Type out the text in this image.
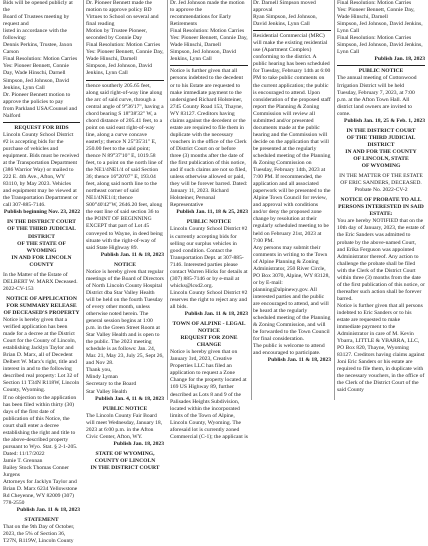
Bids will be opened publicly at the

Board of Trustees meeting by request and

listed in accordance with the following:

Dennis Perkins, Trustee, Jaxon Carson

Final Resolution: Motion Carries

Yes: Pioneer Bennett, Connie Day, Wade Hinschi, Darnell

Simpson, Jed Johnson, David Jenkins, Lynn Call

Dr. Pioneer Bennett motion to approve the policies to pay

from Parkland USA/Counsel and Nalford

REQUEST FOR BIDS

Lincoln County School District #2 is accepting bids for the purchase of vehicles and equipment. Bids must be received at the Transportation Department (386 Warrior Way) or mailed to 222 E. 4th Ave., Afton, WY 83110, by May 2023. Vehicles and equipment may be viewed at the Transportation Department or call 307-885-7146.

Publish beginning Nov. 23, 2022

IN THE DISTRICT COURT

OF THE THIRD JUDICIAL

DISTRICT

OF THE STATE OF WYOMING

IN AND FOR LINCOLN

COUNTY

In the Matter of the Estate of DELBERT W. MARX Deceased. 2022-CV-153

NOTICE OF APPLICATION FOR SUMMARY RELEASE OF DECEASED'S PROPERTY

Notice is hereby given that a verified application has been made for a decree at the District Court for the County of Lincoln, establishing Jacklyn Taylor and Brian D. Marx, all of Decedent Delbert W. Marx's right, title and interest in and to the following described real property: Lot 32 of Section 11 T34N R118W, Lincoln County, Wyoming.

If no objection to the application has been filed within thirty (30) days of the first date of publication of this Notice, the court shall enter a decree establishing the right and title to the above-described property pursuant to Wyo. Stat. § 2-1-205.

Dated: 11/17/2022

Jamie T. Grennan

Bailey Stock Thomas Conner Jurgens

Attorneys for Jacklyn Taylor and Brian D. Marx 6234 Yellowstone Rd Cheyenne, WY 82009 (307) 778-2550

Publish Jan. 11 & 18, 2023

STATEMENT

That on the 9th Day of October, 2023, the 5% of Section 36, T27N, R119W, Lincoln County

Dr. Pioneer Bennett made the motion to approve policy BD

Virtues to School on several and final reading

Motion by Trustee Pioneer, seconded by Connie Day

Final Resolution: Motion Carries

Yes: Pioneer Bennett, Connie Day, Wade Hinschi, Darnell

Simpson, Jed Johnson, David Jenkins, Lynn Call

thence southerly 205.65 feet, along said right-of-way line along the arc of said curve, through a central angle of 9°36'17", having a chord bearing S 18°38'32" W, a chord distance of 205.41 feet, to a point on said east right-of-way line, along a curve concave easterly; thence N 25°35'31" E, 250.00 feet to the said point; thence N 89°37'10" E, 1019.58 feet, to a point on the north line of the NE1/4NE1/4 of said Section 36; thence 16°20'07" E, 193.04 feet, along said north line to the northeast corner of said NE1/4NE1/4; thence S00°40'42"W, 2646.20 feet, along the east line of said section 36 to the POINT OF BEGINNING EXCEPT that part of Lot 45 conveyed to Wayne, in deed being situate with the right-of-way of said State Highway 89.

Publish Jan. 11 & 18, 2023

NOTICE

Notice is hereby given that regular meetings of the Board of Directors of North Lincoln County Hospital District dba Star Valley Health will be held on the fourth Tuesday of every other month, unless otherwise noted herein. The general session begins at 1:00 p.m. in the Green Street Room at Star Valley Health and is open to the public. The 2023 meeting schedule is as follows: Jan. 24, Mar. 21, May 23, July 25, Sept 26, and Nov 28.

Thank you,

Mindy Lyman

Secretary to the Board

Star Valley Health

Publish Jan. 4, 11 & 18, 2023

PUBLIC NOTICE

The Lincoln County Fair Board will meet Wednesday, January 18, 2023 at 6:00 p.m. in the Afton Civic Center, Afton, WY.

Publish Jan. 18, 2023

STATE OF WYOMING,

COUNTY OF LINCOLN

IN THE DISTRICT COURT

Dr. Jed Johnson made the motion to approve the

recommendations for Early Retirements

Final Resolution: Motion Carries

Yes: Pioneer Bennett, Connie Day, Wade Hinschi, Darnell

Simpson, Jed Johnson, David Jenkins, Lynn Call

Notice is further given that all persons indebted to the decedent or to his Estate are requested to make immediate payment to the undersigned Richard Holsteiner, 2745 County Road 153, Thayne, WY 83127. Creditors having claims against the decedent or the estate are required to file them in duplicate with the necessary vouchers in the office of the Clerk of District Court on or before three (3) months after the date of the first publication of this notice, and if such claims are not so filed, unless otherwise allowed or paid, they will be forever barred. Dated: January 11, 2023. Richard Holsteiner, Personal Representative

Publish Jan. 11, 18 & 25, 2023

PUBLIC NOTICE

Lincoln County School District #2 is currently accepting bids for selling our surplus vehicles in good condition. Contact the Transportation Dept. at 307-885-7146. Interested parties please contact Warren Hicks for details at (307) 885-7146 or by e-mail at whicks@lcsd2.org.

Lincoln County School District #2 reserves the right to reject any and all bids.

Publish Jan. 11 & 18, 2023

TOWN OF ALPINE - LEGAL

NOTICE

REQUEST FOR ZONE

CHANGE

Notice is hereby given that on January 3rd, 2023, Creative Properties LLC has filed an application to request a Zone Change for the property located at 169 US Highway 89, further described as Lots 8 and 9 of the Palisades Heights Subdivision, located within the incorporated limits of the Town of Alpine, Lincoln County, Wyoming. The aforesaid lot is currently zoned Commercial (C-1); the applicant is

Dr. Darnell Simpson moved approval

Ryan Simpson, Jed Johnson, David Jenkins, Lynn Call

Residential Commercial (MRC) will make the existing residential use (Apartment Complex) conforming to the district. A public hearing has been scheduled for Tuesday, February 14th at 6:00 PM to take public comments on the current application; the public is encouraged to attend. Upon consideration of the proposed staff report the Planning & Zoning Commission will review all submitted and/or presented documents made at the public hearing and the Commission will decide on the application that will be presented at the regularly scheduled meeting of the Planning & Zoning Commission on Tuesday, February 14th, 2023 at 7:00 PM. If recommended, the application and all associated paperwork will be presented to the Alpine Town Council for review, and approval with conditions and/or deny the proposed zone change by resolution at their regularly scheduled meeting to be held on February 21st, 2023 at 7:00 PM.

Any persons may submit their comments in writing to the Town of Alpine Planning & Zoning Administrator, 250 River Circle, PO Box 3070, Alpine, WY 83128, or by E-mail: planning@alpinewy.gov. All interested parties and the public are encouraged to attend, and will be heard at the regularly scheduled meeting of the Planning & Zoning Commission, and will be forwarded to the Town Council for final consideration.

The public is welcome to attend and encouraged to participate.

Publish Jan. 11 & 18, 2023

Final Resolution: Motion Carries

Yes: Pioneer Bennett, Connie Day, Wade Hinschi, Darnell

Simpson, Jed Johnson, David Jenkins, Lynn Call

Final Resolution: Motion Carries

Simpson, Jed Johnson, David Jenkins, Lynn Call

Publish Jan. 18, 2023

PUBLIC NOTICE

The annual meeting of Cottonwood Irrigation District will be held Tuesday, February 7, 2023, at 7:00 p.m. at the Afton Town Hall. All district land owners are invited to come.

Publish Jan. 18, 25 & Feb. 1, 2023

IN THE DISTRICT COURT

OF THE THIRD JUDICIAL

DISTRICT

IN AND FOR THE COUNTY

OF LINCOLN, STATE

OF WYOMING

IN THE MATTER OF THE ESTATE OF ERIC SANDERS, DECEASED.

Probate No. 2022-CV-2

NOTICE OF PROBATE TO ALL PERSONS INTERESTED IN SAID ESTATE:

You are hereby NOTIFIED that on the 10th day of January, 2023, the estate of the Eric Sanders was admitted to probate by the above-named Court, and Erika Ferguson was appointed Administrator thereof. Any action to challenge the probate shall be filed with the Clerk of the District Court within three (3) months from the date of the first publication of this notice, or thereafter such action shall be forever barred.

Notice is further given that all persons indebted to Eric Sanders or to his estate are requested to make immediate payment to the Administrator in care of M. Kevin Ybarra, LITTLE & YBARRA, LLC, PO Box 820, Thayne, Wyoming 83127. Creditors having claims against Joni Eric Sanders or his estate are required to file them, in duplicate with the necessary vouchers, in the office of the Clerk of the District Court of the said County
